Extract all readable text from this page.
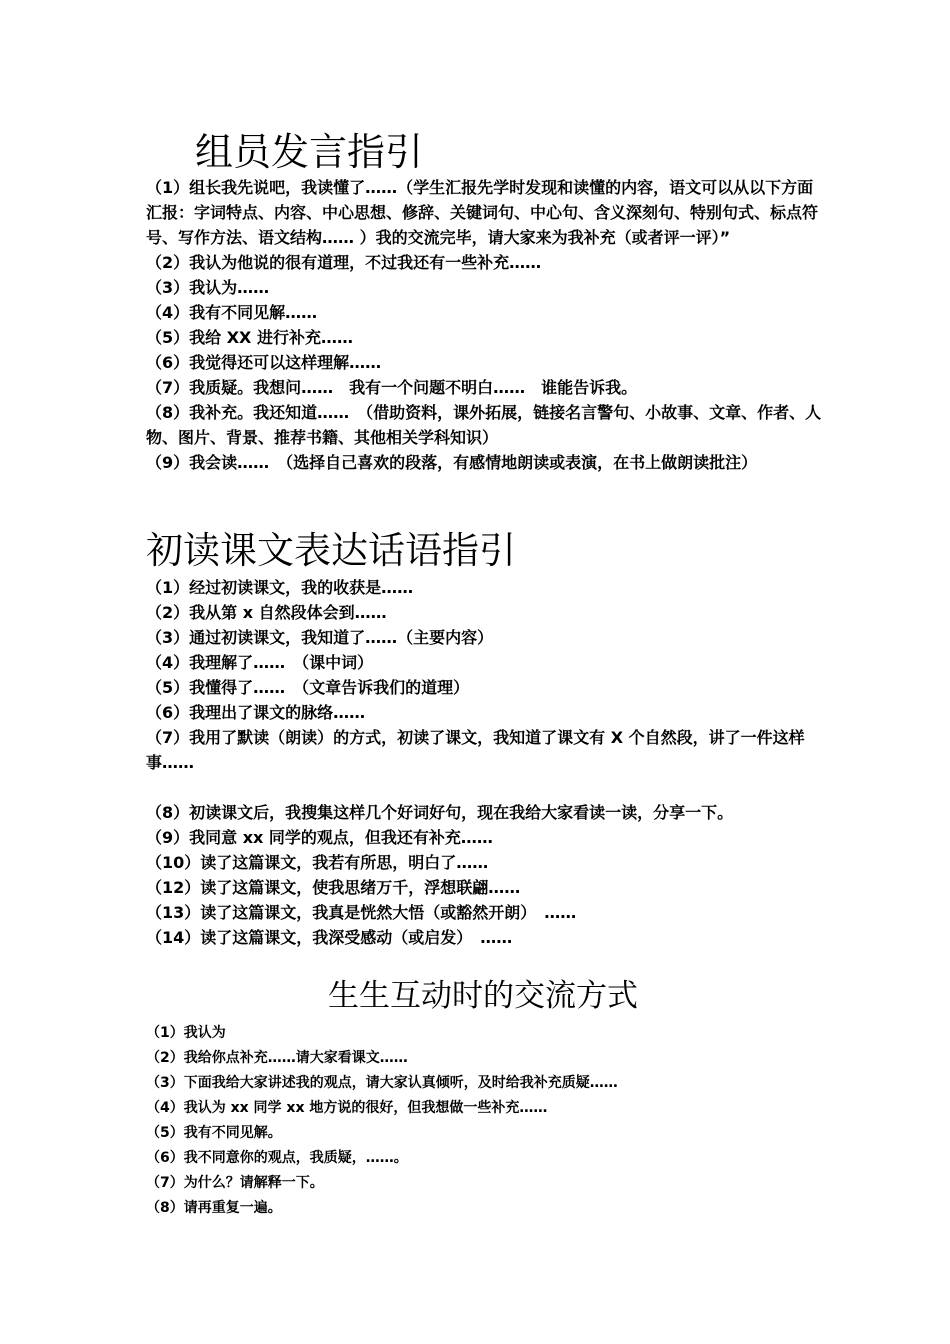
组员发言指引

（1）组长我先说吧，我读懂了……（学生汇报先学时发现和读懂的内容，语文可以从以下方面汇报：字词特点、内容、中心思想、修辞、关键词句、中心句、含义深刻句、特别句式、标点符号、写作方法、语文结构…… ）我的交流完毕，请大家来为我补充（或者评一评）”

（2）我认为他说的很有道理，不过我还有一些补充……

（3）我认为……

（4）我有不同见解……

（5）我给 XX 进行补充……

（6）我觉得还可以这样理解……

（7）我质疑。我想问……　我有一个问题不明白……　谁能告诉我。

（8）我补充。我还知道……　（借助资料，课外拓展，链接名言警句、小故事、文章、作者、人物、图片、背景、推荐书籍、其他相关学科知识）

（9）我会读……　（选择自己喜欢的段落，有感情地朗读或表演，在书上做朗读批注）

初读课文表达话语指引

（1）经过初读课文，我的收获是……

（2）我从第 x 自然段体会到……

（3）通过初读课文，我知道了……（主要内容）

（4）我理解了……　（课中词）

（5）我懂得了……　（文章告诉我们的道理）

（6）我理出了课文的脉络……

（7）我用了默读（朗读）的方式，初读了课文，我知道了课文有 X 个自然段，讲了一件这样事……

（8）初读课文后，我搜集这样几个好词好句，现在我给大家看读一读，分享一下。

（9）我同意 xx 同学的观点，但我还有补充……

（10）读了这篇课文，我若有所思，明白了……

（12）读了这篇课文，使我思绪万千，浮想联翩……

（13）读了这篇课文，我真是恍然大悟（或豁然开朗）　……

（14）读了这篇课文，我深受感动（或启发）　……

生生互动时的交流方式

（1）我认为

（2）我给你点补充……请大家看课文……

（3）下面我给大家讲述我的观点，请大家认真倾听，及时给我补充质疑……

（4）我认为 xx 同学 xx 地方说的很好，但我想做一些补充……

（5）我有不同见解。

（6）我不同意你的观点，我质疑，……。

（7）为什么？请解释一下。

（8）请再重复一遍。
